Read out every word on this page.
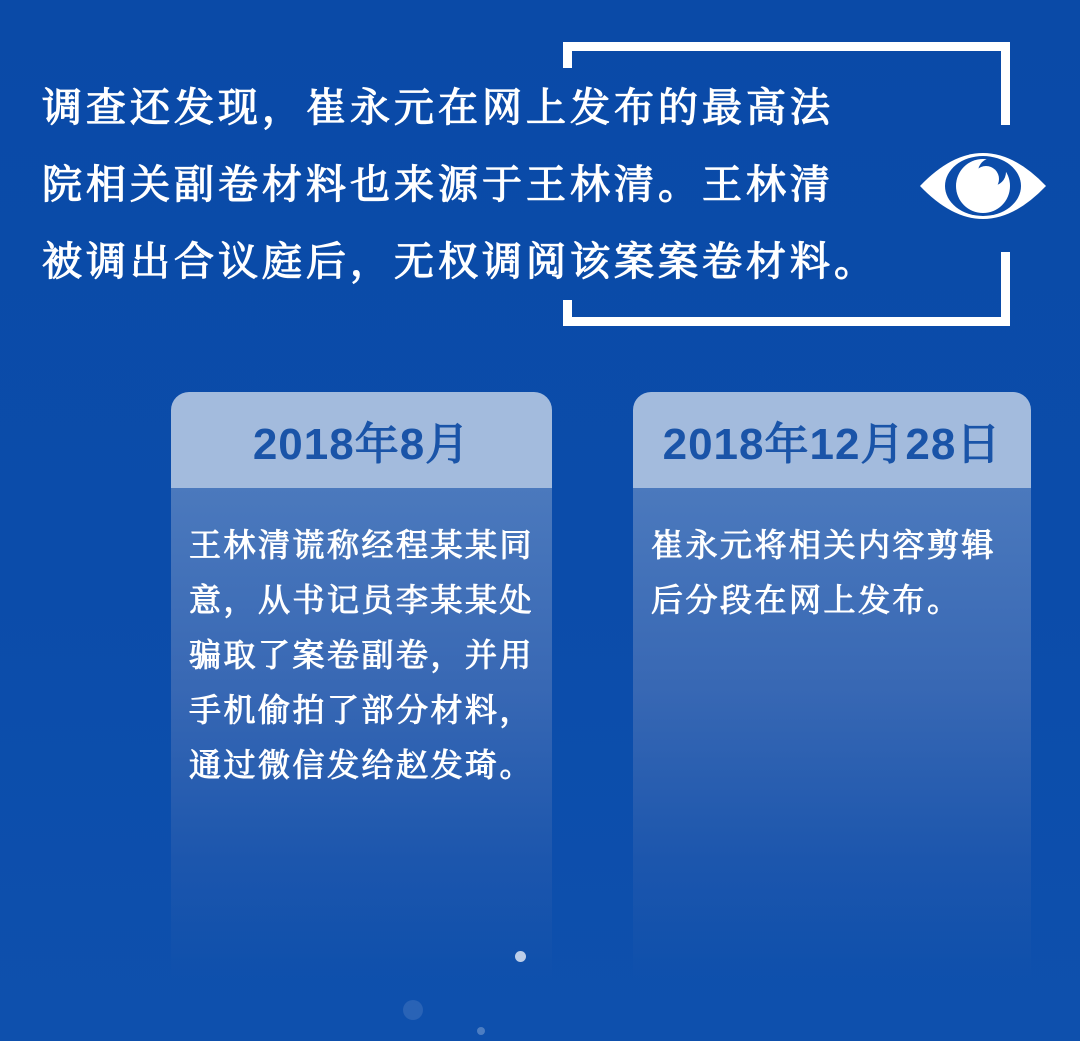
调查还发现，崔永元在网上发布的最高法
院相关副卷材料也来源于王林清。王林清
被调出合议庭后，无权调阅该案案卷材料。
2018年8月
王林清谎称经程某某同
意，从书记员李某某处
骗取了案卷副卷，并用
手机偷拍了部分材料，
通过微信发给赵发琦。
2018年12月28日
崔永元将相关内容剪辑
后分段在网上发布。
